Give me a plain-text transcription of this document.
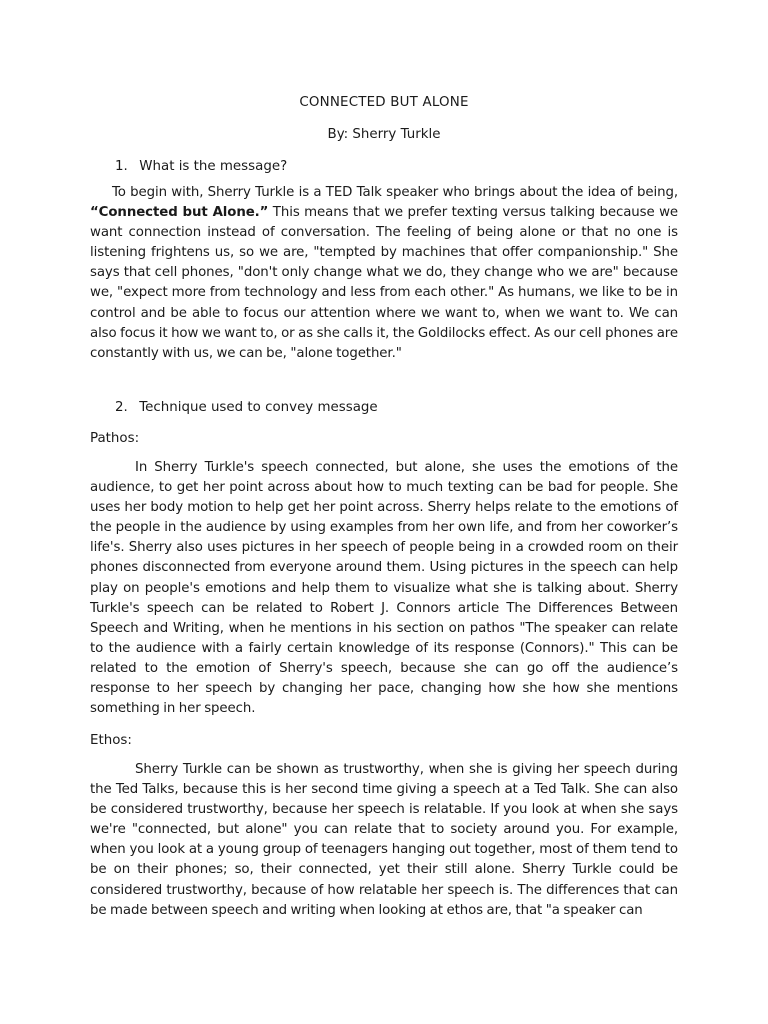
CONNECTED BUT ALONE
By: Sherry Turkle
1. What is the message?

To begin with, Sherry Turkle is a TED Talk speaker who brings about the idea of being, “Connected but Alone.” This means that we prefer texting versus talking because we want connection instead of conversation. The feeling of being alone or that no one is listening frightens us, so we are, "tempted by machines that offer companionship." She says that cell phones, "don't only change what we do, they change who we are" because we, "expect more from technology and less from each other." As humans, we like to be in control and be able to focus our attention where we want to, when we want to. We can also focus it how we want to, or as she calls it, the Goldilocks effect. As our cell phones are constantly with us, we can be, "alone together."

2. Technique used to convey message
Pathos:

In Sherry Turkle's speech connected, but alone, she uses the emotions of the audience, to get her point across about how to much texting can be bad for people. She uses her body motion to help get her point across. Sherry helps relate to the emotions of the people in the audience by using examples from her own life, and from her coworker’s life's. Sherry also uses pictures in her speech of people being in a crowded room on their phones disconnected from everyone around them. Using pictures in the speech can help play on people's emotions and help them to visualize what she is talking about. Sherry Turkle's speech can be related to Robert J. Connors article The Differences Between Speech and Writing, when he mentions in his section on pathos "The speaker can relate to the audience with a fairly certain knowledge of its response (Connors)." This can be related to the emotion of Sherry's speech, because she can go off the audience’s response to her speech by changing her pace, changing how she how she mentions something in her speech.

Ethos:

Sherry Turkle can be shown as trustworthy, when she is giving her speech during the Ted Talks, because this is her second time giving a speech at a Ted Talk. She can also be considered trustworthy, because her speech is relatable. If you look at when she says we're "connected, but alone" you can relate that to society around you. For example, when you look at a young group of teenagers hanging out together, most of them tend to be on their phones; so, their connected, yet their still alone. Sherry Turkle could be considered trustworthy, because of how relatable her speech is. The differences that can be made between speech and writing when looking at ethos are, that "a speaker can
